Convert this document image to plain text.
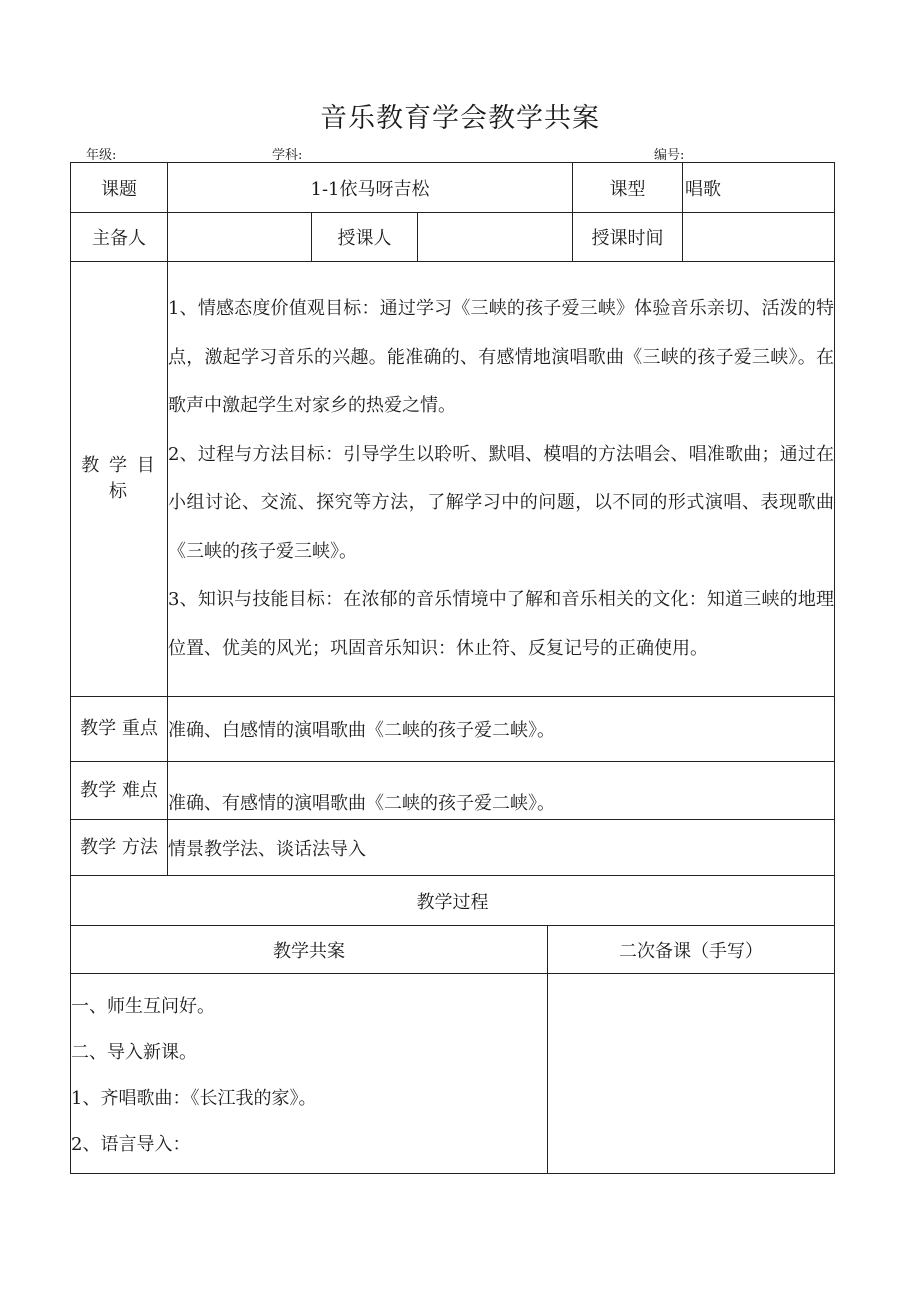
音乐教育学会教学共案
年级:	学科:	编号:
课题	1-1依马呀吉松				课型	唱歌
主备人		授课人			授课时间	
教 学 目 标	1、情感态度价值观目标：通过学习《三峡的孩子爱三峡》体验音乐亲切、活泼的特点，激起学习音乐的兴趣。能准确的、有感情地演唱歌曲《三峡的孩子爱三峡》。在歌声中激起学生对家乡的热爱之情。

2、过程与方法目标：引导学生以聆听、默唱、模唱的方法唱会、唱准歌曲；通过在小组讨论、交流、探究等方法，了解学习中的问题，以不同的形式演唱、表现歌曲《三峡的孩子爱三峡》。

3、知识与技能目标：在浓郁的音乐情境中了解和音乐相关的文化：知道三峡的地理位置、优美的风光；巩固音乐知识：休止符、反复记号的正确使用。					

教学 重点	准确、白感情的演唱歌曲《二峡的孩子爱二峡》。					
教学 难点	准确、有感情的演唱歌曲《二峡的孩子爱二峡》。					
教学 方法	情景教学法、谈话法导入					
教学过程						
教学共案				二次备课（手写）		

一、师生互问好。

二、导入新课。

1、齐唱歌曲：《长江我的家》。

2、语言导入：						
